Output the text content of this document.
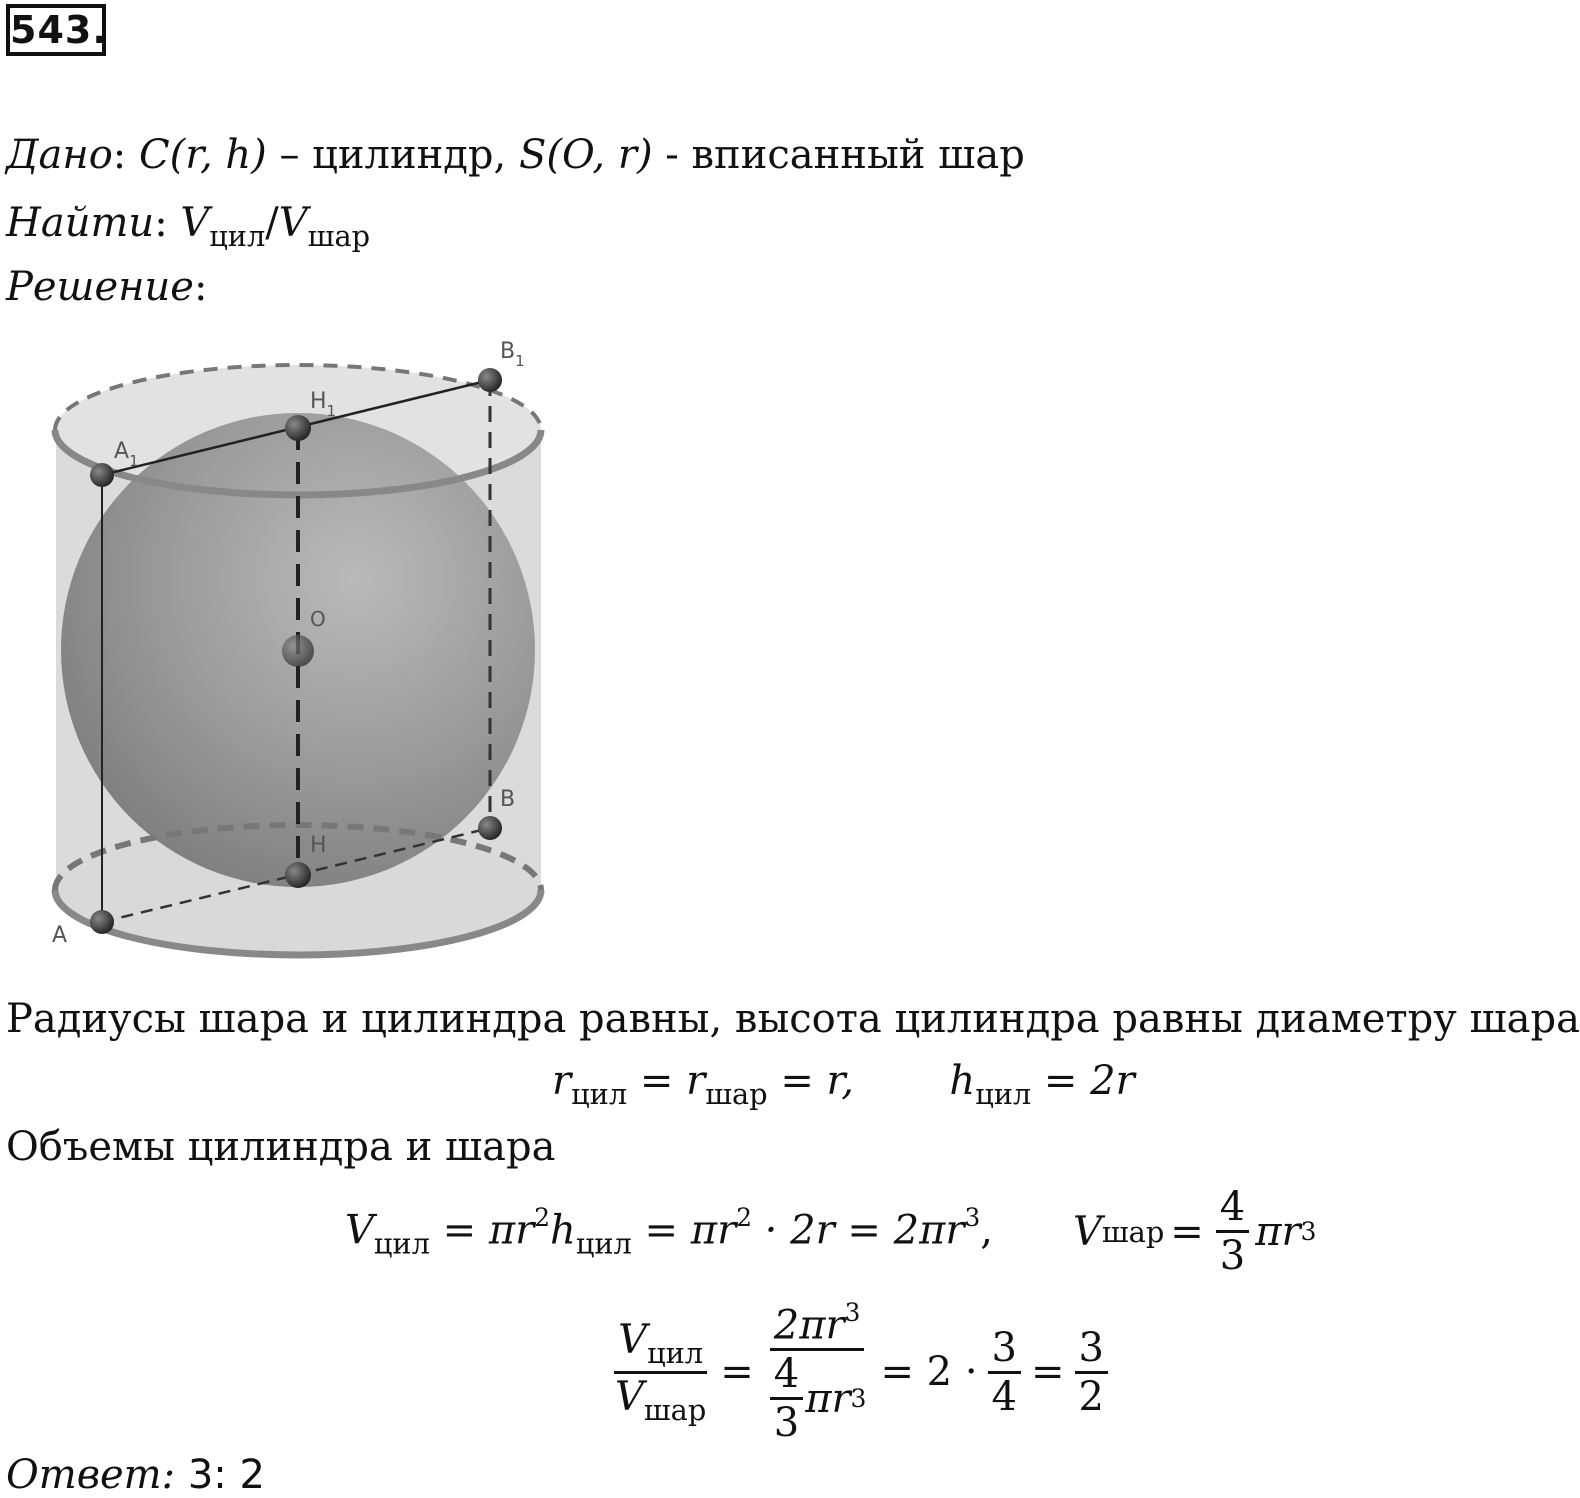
543.
Дано: C(r, h) – цилиндр, S(O, r) - вписанный шар
Найти: $V_{цил}/V_{шар}$
Решение:
$B_1$
$H_1$
$A_1$
O
B
H
A
Радиусы шара и цилиндра равны, высота цилиндра равны диаметру шара
$r_{цил} = r_{шар} = r$, $h_{цил} = 2r$
Объемы цилиндра и шара
$V_{цил} = \pi r^2h_{цил} = \pi r^2 \cdot 2r = 2\pi r^3$, V шар = $\frac{4}{3}$ πr 3
$\frac{V_{цил}}{V_{шар}} = \frac{2\pi r^3}{\frac{4}{3} \pi r 3} = 2 \cdot \frac{3}{4} = \frac{3}{2}$
Ответ: 3: 2
